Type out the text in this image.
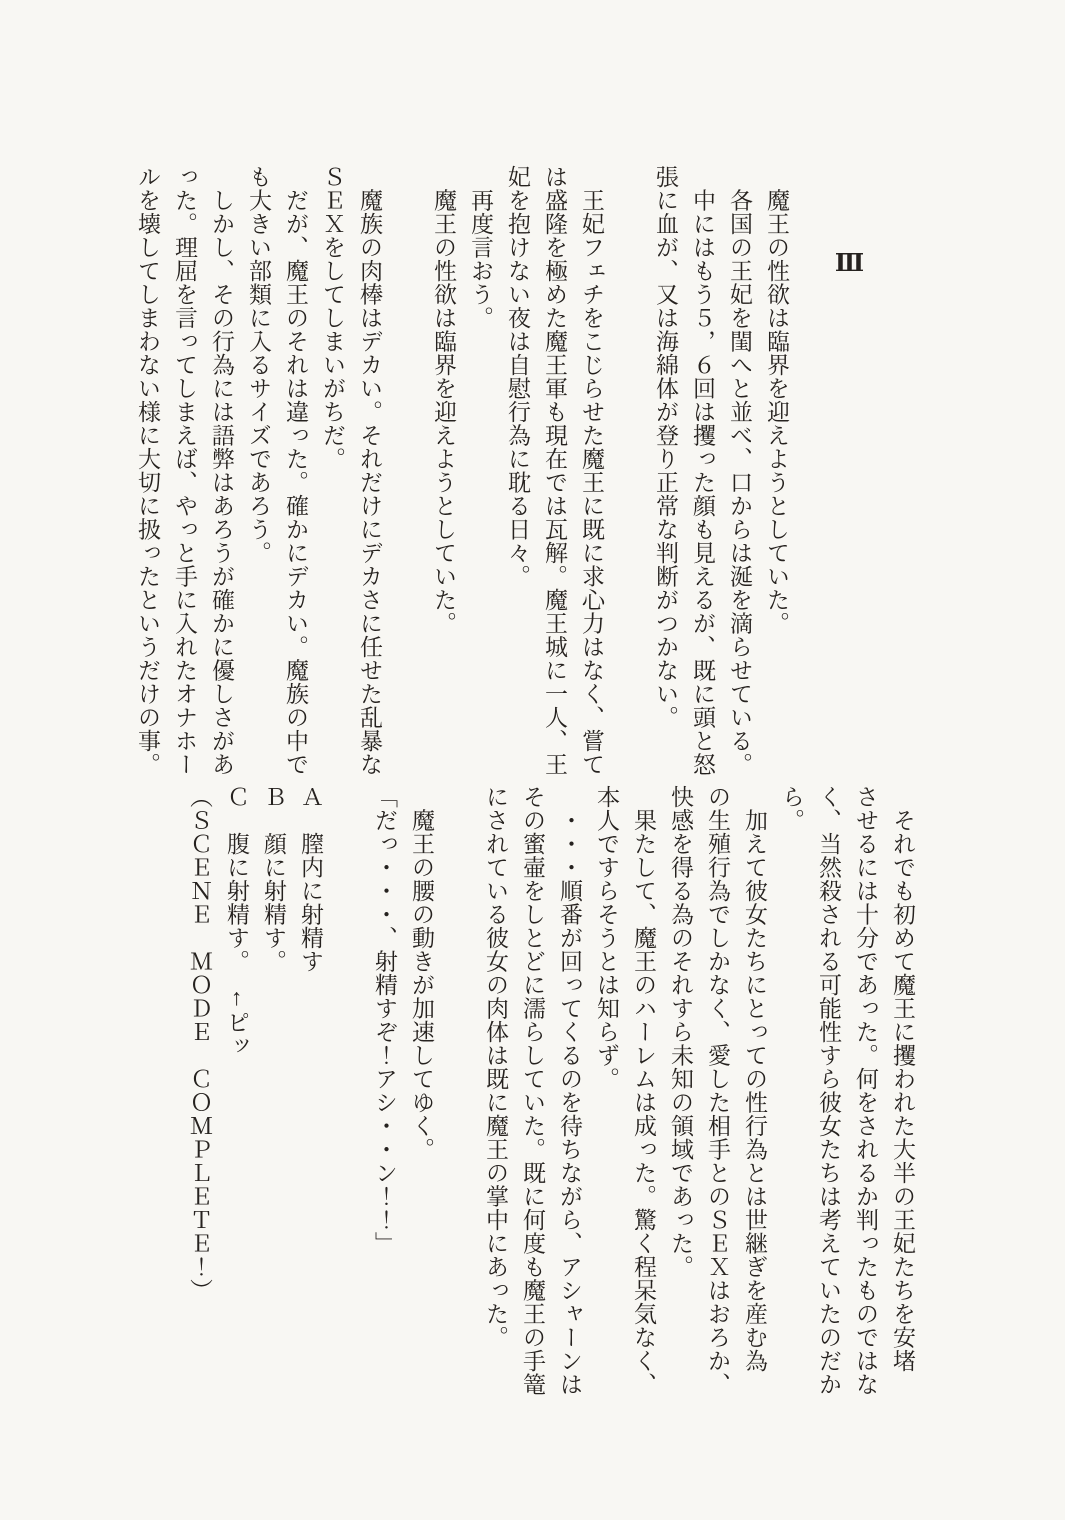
Ⅲ

　魔王の性欲は臨界を迎えようとしていた。

　各国の王妃を閨へと並べ、口からは涎を滴らせている。

　中にはもう５，６回は攫った顔も見えるが、既に頭と怒

張に血が、又は海綿体が登り正常な判断がつかない。

　王妃フェチをこじらせた魔王に既に求心力はなく、嘗て

は盛隆を極めた魔王軍も現在では瓦解。魔王城に一人、王

妃を抱けない夜は自慰行為に耽る日々。

　再度言おう。

　魔王の性欲は臨界を迎えようとしていた。

　魔族の肉棒はデカい。それだけにデカさに任せた乱暴な

ＳＥＸをしてしまいがちだ。

　だが、魔王のそれは違った。確かにデカい。魔族の中で

も大きい部類に入るサイズであろう。

　しかし、その行為には語弊はあろうが確かに優しさがあ

った。理屈を言ってしまえば、やっと手に入れたオナホー

ルを壊してしまわない様に大切に扱ったというだけの事。

　それでも初めて魔王に攫われた大半の王妃たちを安堵

させるには十分であった。何をされるか判ったものではな

く、当然殺される可能性すら彼女たちは考えていたのだか

ら。

　加えて彼女たちにとっての性行為とは世継ぎを産む為

の生殖行為でしかなく、愛した相手とのＳＥＸはおろか、

快感を得る為のそれすら未知の領域であった。

　果たして、魔王のハーレムは成った。驚く程呆気なく、

本人ですらそうとは知らず。

　・・・順番が回ってくるのを待ちながら、アシャーンは

その蜜壷をしとどに濡らしていた。既に何度も魔王の手篭

にされている彼女の肉体は既に魔王の掌中にあった。

　魔王の腰の動きが加速してゆく。

「だっ・・・、射精すぞ！アシ・・ン！！」

Ａ　膣内に射精す

Ｂ　顔に射精す。

Ｃ　腹に射精す。　↑ピッ

（ＳＣＥＮＥ　ＭＯＤＥ　ＣＯＭＰＬＥＴＥ！）
